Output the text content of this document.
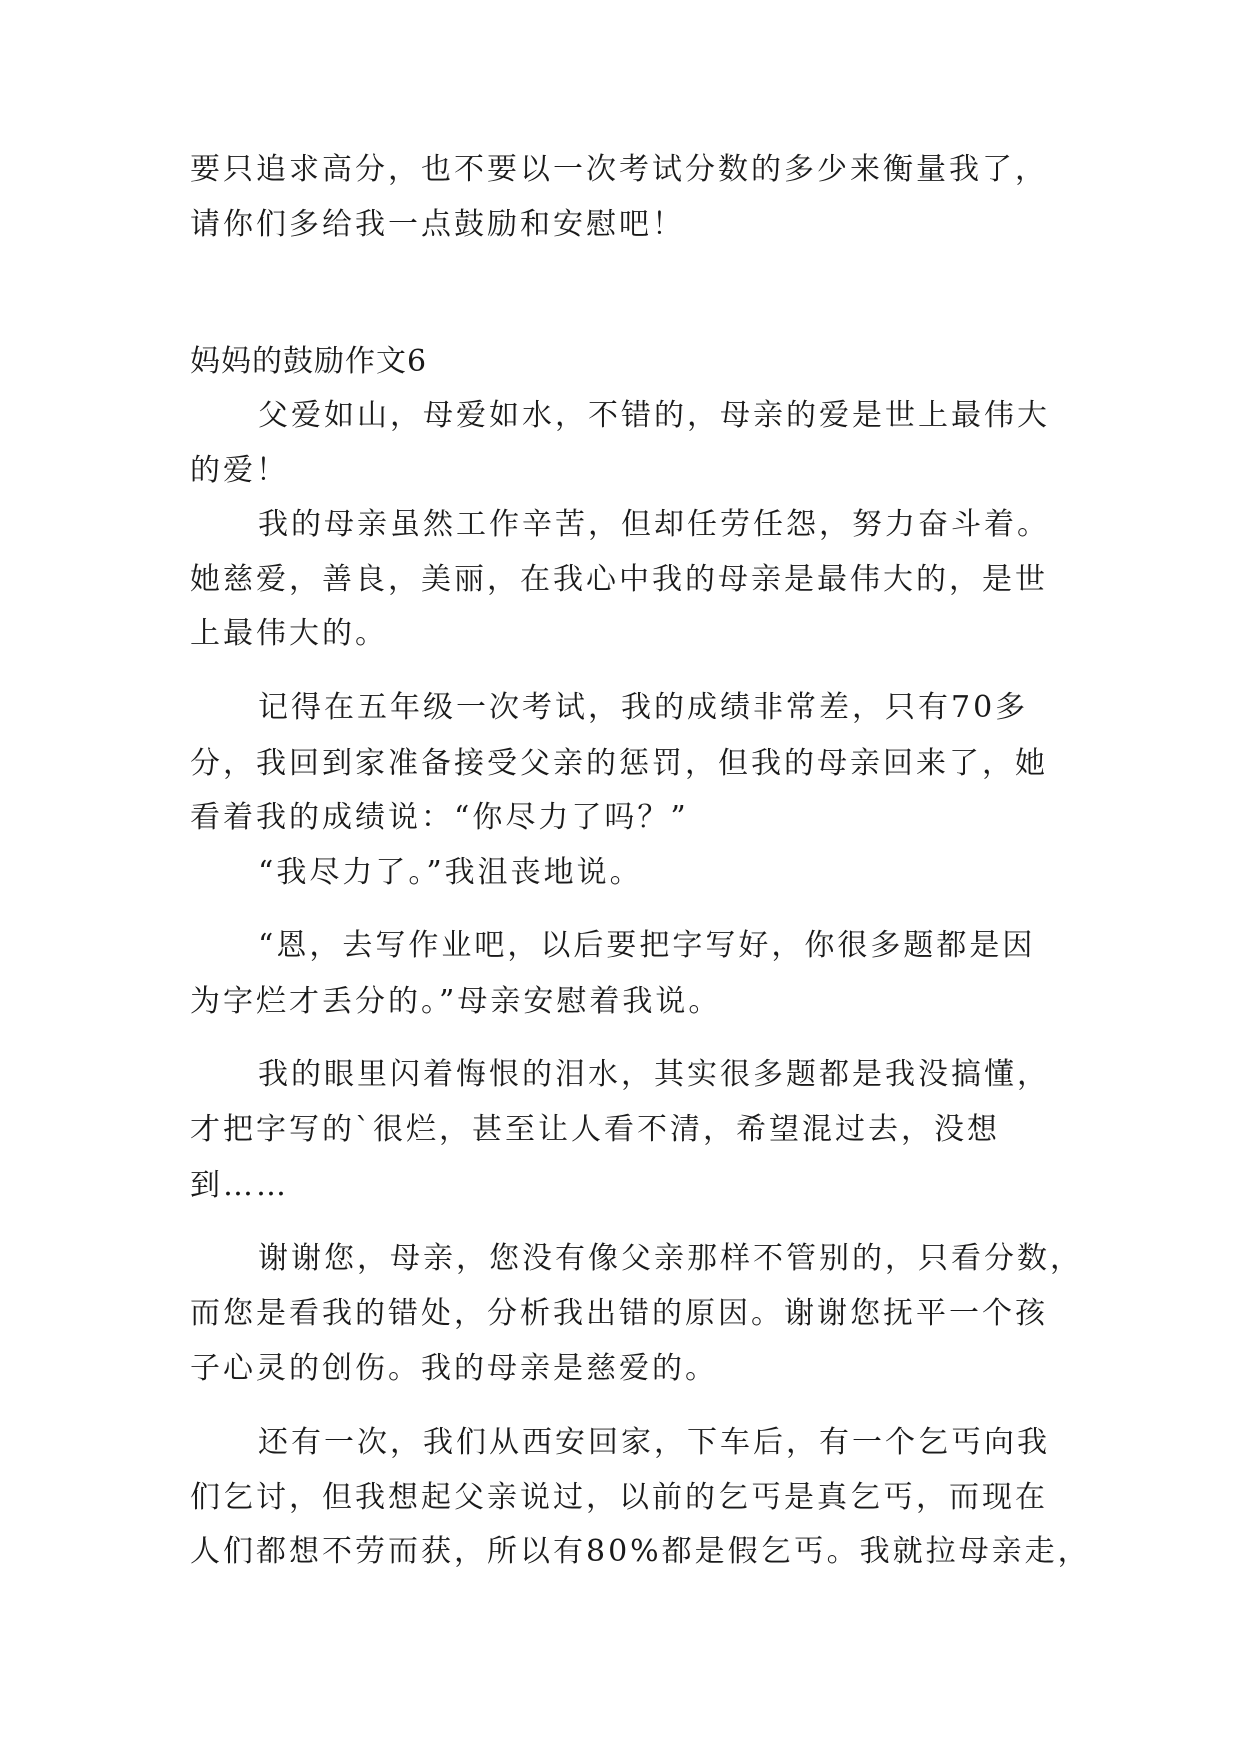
要只追求高分，也不要以一次考试分数的多少来衡量我了，
请你们多给我一点鼓励和安慰吧！
妈妈的鼓励作文6
父爱如山，母爱如水，不错的，母亲的爱是世上最伟大
的爱！
我的母亲虽然工作辛苦，但却任劳任怨，努力奋斗着。
她慈爱，善良，美丽，在我心中我的母亲是最伟大的，是世
上最伟大的。
记得在五年级一次考试，我的成绩非常差，只有70多
分，我回到家准备接受父亲的惩罚，但我的母亲回来了，她
看着我的成绩说：“你尽力了吗？”
“我尽力了。”我沮丧地说。
“恩，去写作业吧，以后要把字写好，你很多题都是因
为字烂才丢分的。”母亲安慰着我说。
我的眼里闪着悔恨的泪水，其实很多题都是我没搞懂，
才把字写的`很烂，甚至让人看不清，希望混过去，没想
到……
谢谢您，母亲，您没有像父亲那样不管别的，只看分数，
而您是看我的错处，分析我出错的原因。谢谢您抚平一个孩
子心灵的创伤。我的母亲是慈爱的。
还有一次，我们从西安回家，下车后，有一个乞丐向我
们乞讨，但我想起父亲说过，以前的乞丐是真乞丐，而现在
人们都想不劳而获，所以有80%都是假乞丐。我就拉母亲走，
